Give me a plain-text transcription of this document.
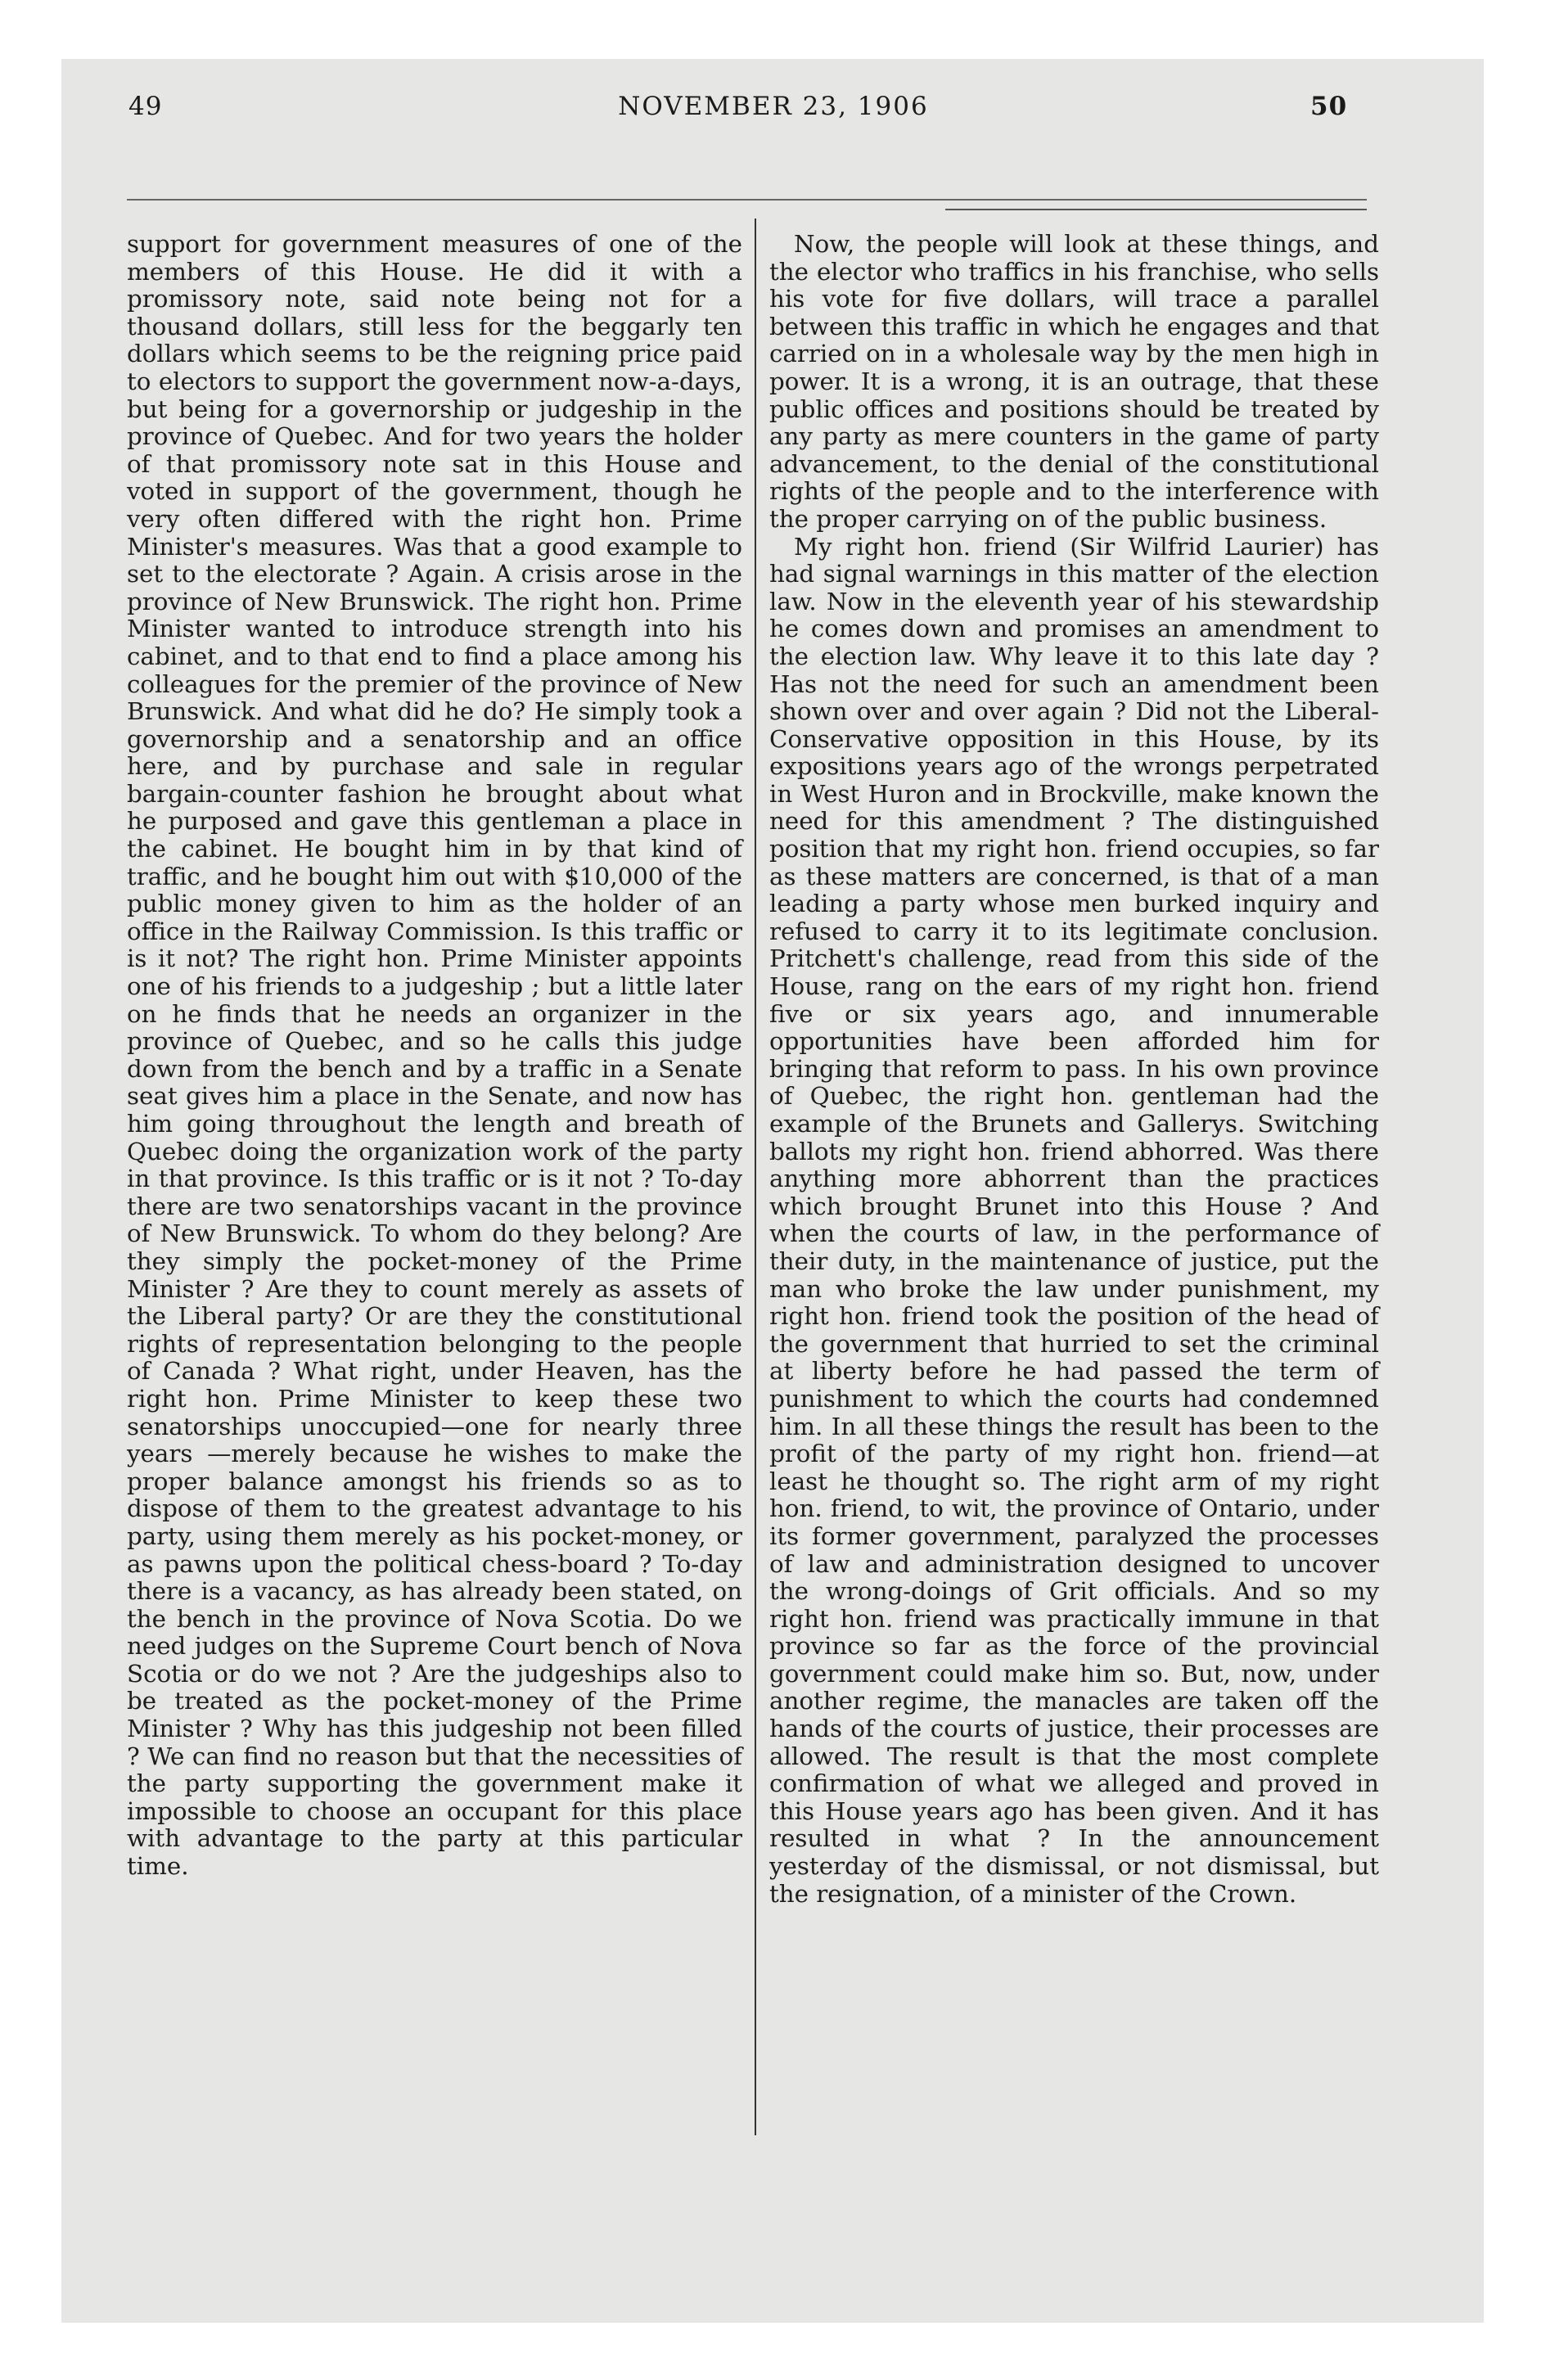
49	NOVEMBER 23, 1906	50

support for government measures of one of the members of this House. He did it with a promissory note, said note being not for a thousand dollars, still less for the beggarly ten dollars which seems to be the reigning price paid to electors to support the government now-a-days, but being for a governorship or judgeship in the province of Quebec. And for two years the holder of that promissory note sat in this House and voted in support of the government, though he very often differed with the right hon. Prime Minister's measures. Was that a good example to set to the electorate ? Again. A crisis arose in the province of New Brunswick. The right hon. Prime Minister wanted to introduce strength into his cabinet, and to that end to find a place among his colleagues for the premier of the province of New Brunswick. And what did he do? He simply took a governorship and a senatorship and an office here, and by purchase and sale in regular bargain-counter fashion he brought about what he purposed and gave this gentleman a place in the cabinet. He bought him in by that kind of traffic, and he bought him out with $10,000 of the public money given to him as the holder of an office in the Railway Commission. Is this traffic or is it not? The right hon. Prime Minister appoints one of his friends to a judgeship ; but a little later on he finds that he needs an organizer in the province of Quebec, and so he calls this judge down from the bench and by a traffic in a Senate seat gives him a place in the Senate, and now has him going throughout the length and breath of Quebec doing the organization work of the party in that province. Is this traffic or is it not ? To-day there are two senatorships vacant in the province of New Brunswick. To whom do they belong? Are they simply the pocket-money of the Prime Minister ? Are they to count merely as assets of the Liberal party? Or are they the constitutional rights of representation belonging to the people of Canada ? What right, under Heaven, has the right hon. Prime Minister to keep these two senatorships unoccupied—one for nearly three years —merely because he wishes to make the proper balance amongst his friends so as to dispose of them to the greatest advantage to his party, using them merely as his pocket-money, or as pawns upon the political chess-board ? To-day there is a vacancy, as has already been stated, on the bench in the province of Nova Scotia. Do we need judges on the Supreme Court bench of Nova Scotia or do we not ? Are the judgeships also to be treated as the pocket-money of the Prime Minister ? Why has this judgeship not been filled ? We can find no reason but that the necessities of the party supporting the government make it impossible to choose an occupant for this place with advantage to the party at this particular time.

Now, the people will look at these things, and the elector who traffics in his franchise, who sells his vote for five dollars, will trace a parallel between this traffic in which he engages and that carried on in a wholesale way by the men high in power. It is a wrong, it is an outrage, that these public offices and positions should be treated by any party as mere counters in the game of party advancement, to the denial of the constitutional rights of the people and to the interference with the proper carrying on of the public business.

My right hon. friend (Sir Wilfrid Laurier) has had signal warnings in this matter of the election law. Now in the eleventh year of his stewardship he comes down and promises an amendment to the election law. Why leave it to this late day ? Has not the need for such an amendment been shown over and over again ? Did not the Liberal-Conservative opposition in this House, by its expositions years ago of the wrongs perpetrated in West Huron and in Brockville, make known the need for this amendment ? The distinguished position that my right hon. friend occupies, so far as these matters are concerned, is that of a man leading a party whose men burked inquiry and refused to carry it to its legitimate conclusion. Pritchett's challenge, read from this side of the House, rang on the ears of my right hon. friend five or six years ago, and innumerable opportunities have been afforded him for bringing that reform to pass. In his own province of Quebec, the right hon. gentleman had the example of the Brunets and Gallerys. Switching ballots my right hon. friend abhorred. Was there anything more abhorrent than the practices which brought Brunet into this House ? And when the courts of law, in the performance of their duty, in the maintenance of justice, put the man who broke the law under punishment, my right hon. friend took the position of the head of the government that hurried to set the criminal at liberty before he had passed the term of punishment to which the courts had condemned him. In all these things the result has been to the profit of the party of my right hon. friend—at least he thought so. The right arm of my right hon. friend, to wit, the province of Ontario, under its former government, paralyzed the processes of law and administration designed to uncover the wrong-doings of Grit officials. And so my right hon. friend was practically immune in that province so far as the force of the provincial government could make him so. But, now, under another regime, the manacles are taken off the hands of the courts of justice, their processes are allowed. The result is that the most complete confirmation of what we alleged and proved in this House years ago has been given. And it has resulted in what ? In the announcement yesterday of the dismissal, or not dismissal, but the resignation, of a minister of the Crown.
